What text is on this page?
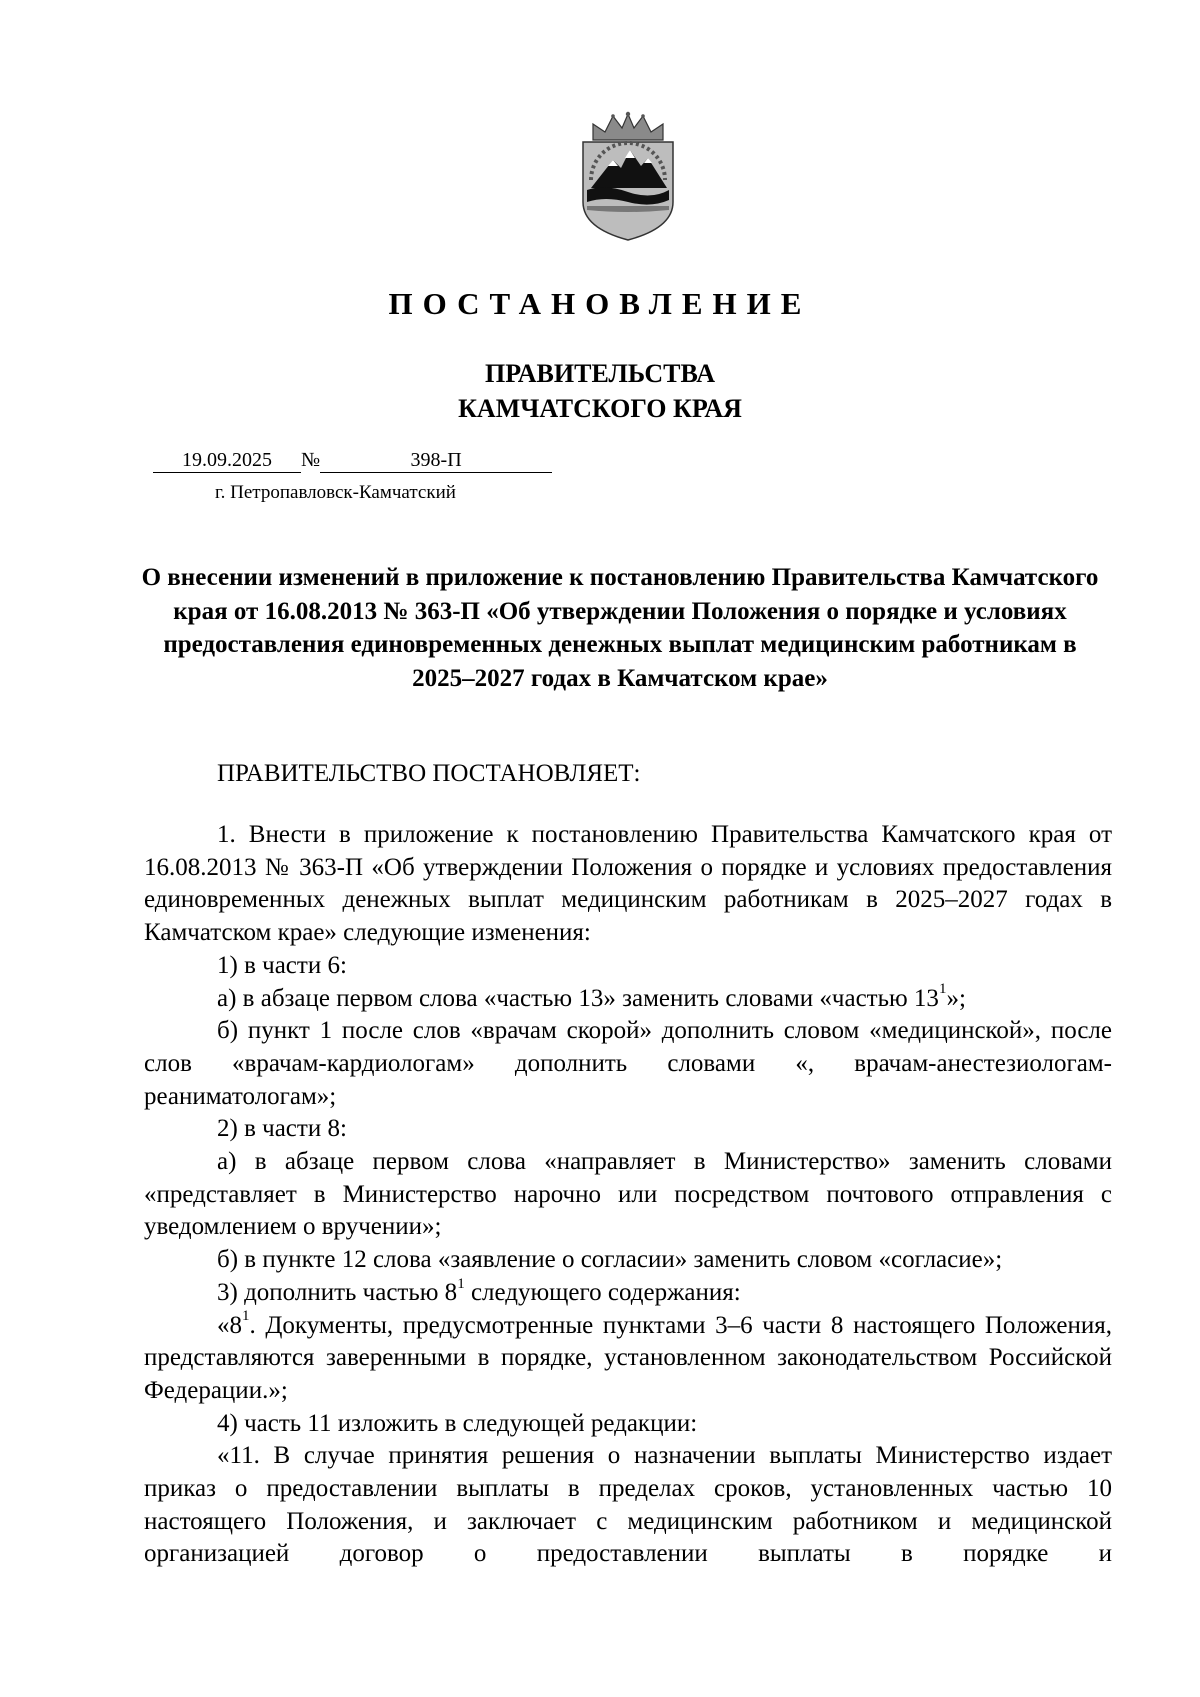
ПОСТАНОВЛЕНИЕ
ПРАВИТЕЛЬСТВА
КАМЧАТСКОГО КРАЯ
19.09.2025 №	398-П
г. Петропавловск-Камчатский
О внесении изменений в приложение к постановлению Правительства Камчатского края от 16.08.2013 № 363-П «Об утверждении Положения о порядке и условиях предоставления единовременных денежных выплат медицинским работникам в 2025–2027 годах в Камчатском крае»
ПРАВИТЕЛЬСТВО ПОСТАНОВЛЯЕТ:

1. Внести в приложение к постановлению Правительства Камчатского края от 16.08.2013 № 363-П «Об утверждении Положения о порядке и условиях предоставления единовременных денежных выплат медицинским работникам в 2025–2027 годах в Камчатском крае» следующие изменения:

1) в части 6:

а) в абзаце первом слова «частью 13» заменить словами «частью $13^1$»;

б) пункт 1 после слов «врачам скорой» дополнить словом «медицинской», после слов «врачам-кардиологам» дополнить словами «, врачам-анестезиологам-реаниматологам»;

2) в части 8:

а) в абзаце первом слова «направляет в Министерство» заменить словами «представляет в Министерство нарочно или посредством почтового отправления с уведомлением о вручении»;

б) в пункте 12 слова «заявление о согласии» заменить словом «согласие»;

3) дополнить частью $8^1$ следующего содержания:

«$8^1$. Документы, предусмотренные пунктами 3–6 части 8 настоящего Положения, представляются заверенными в порядке, установленном законодательством Российской Федерации.»;

4) часть 11 изложить в следующей редакции:

«11. В случае принятия решения о назначении выплаты Министерство издает приказ о предоставлении выплаты в пределах сроков, установленных частью 10 настоящего Положения, и заключает с медицинским работником и медицинской организацией договор о предоставлении выплаты в порядке и
